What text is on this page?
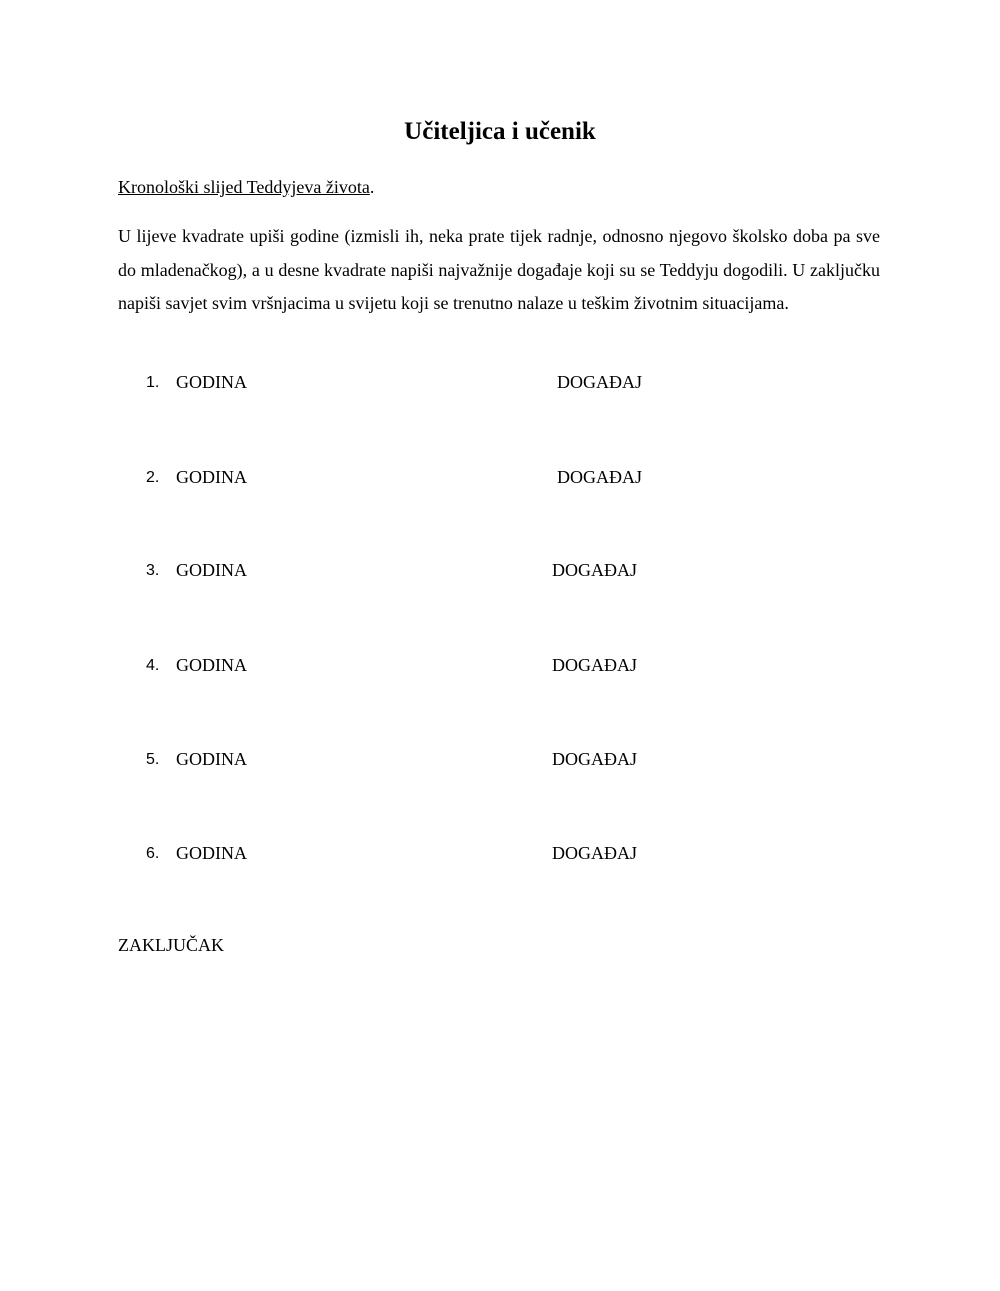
Učiteljica i učenik
Kronološki slijed Teddyjeva života.

U lijeve kvadrate upiši godine (izmisli ih, neka prate tijek radnje, odnosno njegovo školsko doba pa sve do mladenačkog), a u desne kvadrate napiši najvažnije događaje koji su se Teddyju dogodili. U zaključku napiši savjet svim vršnjacima u svijetu koji se trenutno nalaze u teškim životnim situacijama.

1. GODINA	DOGAĐAJ
2. GODINA	DOGAĐAJ
3. GODINA	DOGAĐAJ
4. GODINA	DOGAĐAJ
5. GODINA	DOGAĐAJ
6. GODINA	DOGAĐAJ
ZAKLJUČAK
